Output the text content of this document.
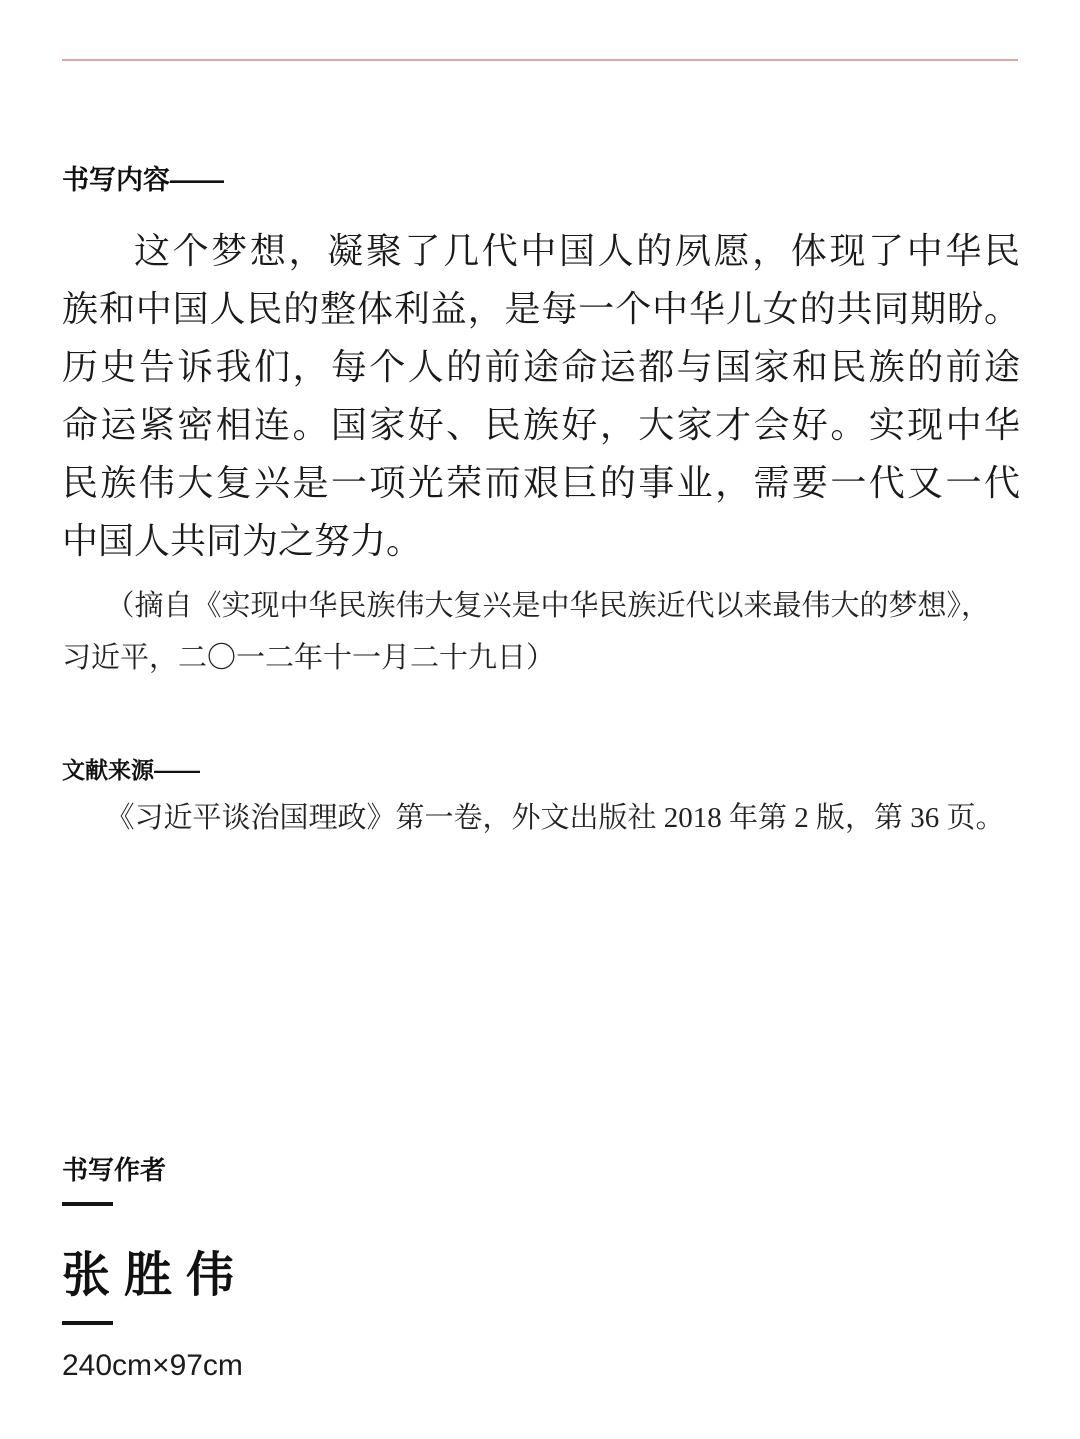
书写内容——
这个梦想，凝聚了几代中国人的夙愿，体现了中华民
族和中国人民的整体利益，是每一个中华儿女的共同期盼。
历史告诉我们，每个人的前途命运都与国家和民族的前途
命运紧密相连。国家好、民族好，大家才会好。实现中华
民族伟大复兴是一项光荣而艰巨的事业，需要一代又一代
中国人共同为之努力。
（摘自《实现中华民族伟大复兴是中华民族近代以来最伟大的梦想》，
习近平，二〇一二年十一月二十九日）
文献来源——
《习近平谈治国理政》第一卷，外文出版社 2018 年第 2 版，第 36 页。
书写作者
张胜伟
240cm×97cm
